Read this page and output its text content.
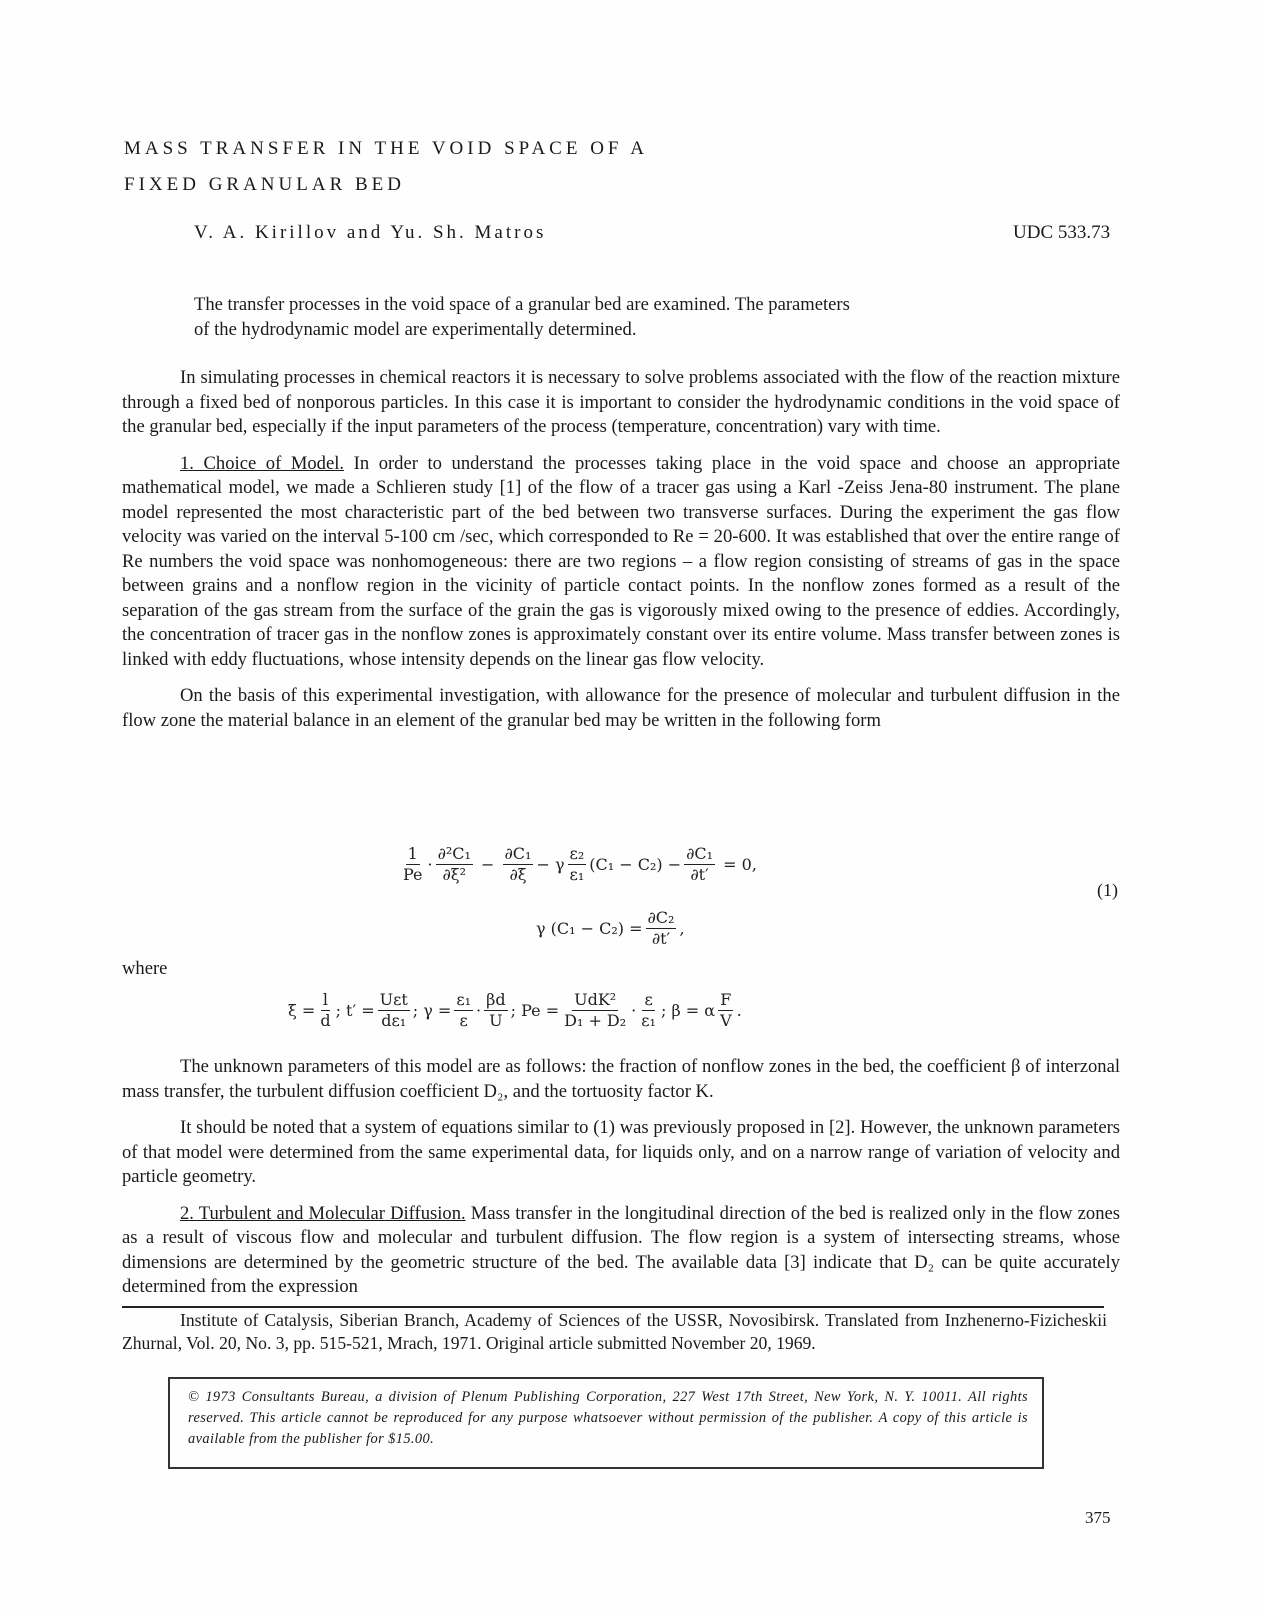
MASS TRANSFER IN THE VOID SPACE OF A
FIXED GRANULAR BED
V. A. Kirillov and Yu. Sh. Matros	UDC 533.73
The transfer processes in the void space of a granular bed are examined. The parameters
of the hydrodynamic model are experimentally determined.

In simulating processes in chemical reactors it is necessary to solve problems associated with the flow of the reaction mixture through a fixed bed of nonporous particles. In this case it is important to consider the hydrodynamic conditions in the void space of the granular bed, especially if the input parameters of the process (temperature, concentration) vary with time.

1. Choice of Model. In order to understand the processes taking place in the void space and choose an appropriate mathematical model, we made a Schlieren study [1] of the flow of a tracer gas using a Karl -Zeiss Jena-80 instrument. The plane model represented the most characteristic part of the bed between two transverse surfaces. During the experiment the gas flow velocity was varied on the interval 5-100 cm /sec, which corresponded to Re = 20-600. It was established that over the entire range of Re numbers the void space was nonhomogeneous: there are two regions – a flow region consisting of streams of gas in the space between grains and a nonflow region in the vicinity of particle contact points. In the nonflow zones formed as a result of the separation of the gas stream from the surface of the grain the gas is vigorously mixed owing to the presence of eddies. Accordingly, the concentration of tracer gas in the nonflow zones is approximately constant over its entire volume. Mass transfer between zones is linked with eddy fluctuations, whose intensity depends on the linear gas flow velocity.

On the basis of this experimental investigation, with allowance for the presence of molecular and turbulent diffusion in the flow zone the material balance in an element of the granular bed may be written in the following form

$\frac{1}{Pe} \cdot \frac{\text{∂²C₁}}{\text{∂ξ²}} - \frac{\text{∂C₁}}{\partial\xi} - \gamma \frac{\text{ε₂}}{\text{ε₁}} (C_1 - C_2) - \frac{\text{∂C₁}}{\partial t'}$
= 0,
γ $(C_1 - C_2) = \frac{\text{∂C₂}}{\partial t'}$ ,
(1)
where
$\xi = \frac{l}{d}$ ; $t' = \frac{\text{Uεt}}{\text{dε₁}}$ ; $\gamma = \frac{\text{ε₁}}{\varepsilon} \cdot \frac{\beta d}{U}$ ; $Pe = \frac{\text{UdK²}}{\text{D₁ + D₂}} \cdot \frac{\varepsilon}{\text{ε₁}}$ ; β = α $\frac{F}{V}$ .

The unknown parameters of this model are as follows: the fraction of nonflow zones in the bed, the coefficient β of interzonal mass transfer, the turbulent diffusion coefficient D₂, and the tortuosity factor K.

It should be noted that a system of equations similar to (1) was previously proposed in [2]. However, the unknown parameters of that model were determined from the same experimental data, for liquids only, and on a narrow range of variation of velocity and particle geometry.

2. Turbulent and Molecular Diffusion. Mass transfer in the longitudinal direction of the bed is realized only in the flow zones as a result of viscous flow and molecular and turbulent diffusion. The flow region is a system of intersecting streams, whose dimensions are determined by the geometric structure of the bed. The available data [3] indicate that D₂ can be quite accurately determined from the expression

Institute of Catalysis, Siberian Branch, Academy of Sciences of the USSR, Novosibirsk. Translated from Inzhenerno-Fizicheskii Zhurnal, Vol. 20, No. 3, pp. 515-521, Mrach, 1971. Original article submitted November 20, 1969.
© 1973 Consultants Bureau, a division of Plenum Publishing Corporation, 227 West 17th Street, New York, N. Y. 10011. All rights reserved. This article cannot be reproduced for any purpose whatsoever without permission of the publisher. A copy of this article is available from the publisher for $15.00.
375
